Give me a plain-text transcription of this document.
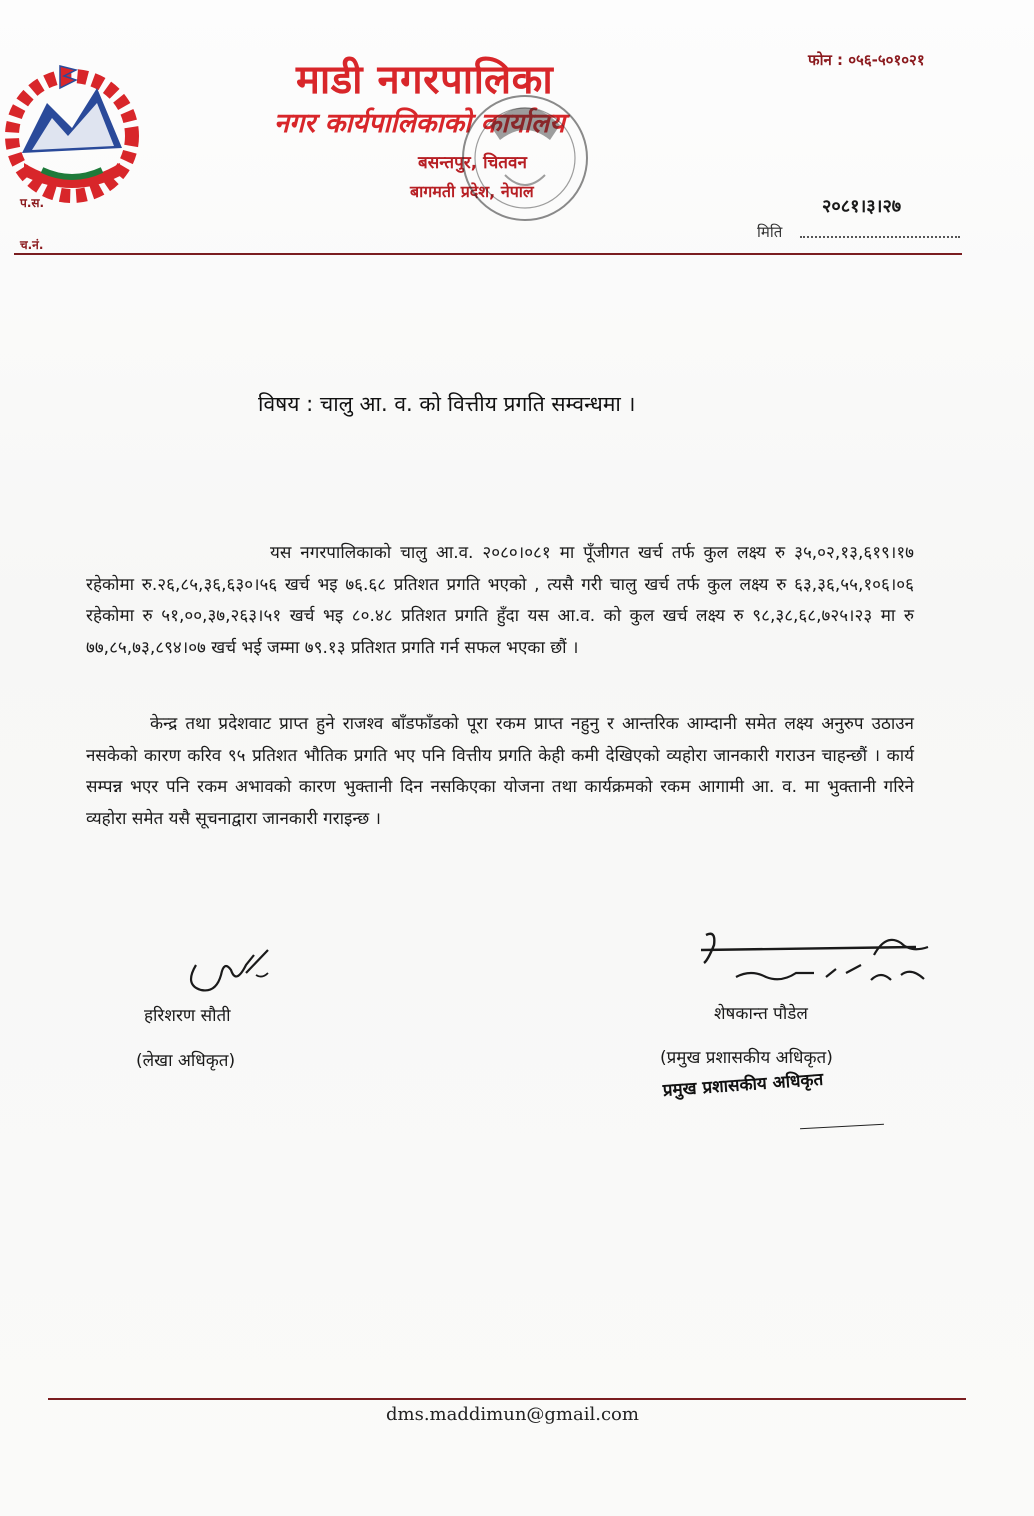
प.स.
च.नं.
माडी नगरपालिका
नगर कार्यपालिकाको कार्यालय
बसन्तपुर, चितवन
बागमती प्रदेश, नेपाल
फोन : ०५६-५०१०२१
२०८१।३।२७
मिति
विषय : चालु आ. व. को वित्तीय प्रगति सम्वन्धमा ।
यस नगरपालिकाको चालु आ.व. २०८०।०८१ मा पूँजीगत खर्च तर्फ कुल लक्ष्य रु ३५,०२,१३,६१९।१७ रहेकोमा रु.२६,८५,३६,६३०।५६ खर्च भइ ७६.६८ प्रतिशत प्रगति भएको , त्यसै गरी चालु खर्च तर्फ कुल लक्ष्य रु ६३,३६,५५,१०६।०६ रहेकोमा रु ५१,००,३७,२६३।५१ खर्च भइ ८०.४८ प्रतिशत प्रगति हुँदा यस आ.व. को कुल खर्च लक्ष्य रु ९८,३८,६८,७२५।२३ मा रु ७७,८५,७३,८९४।०७ खर्च भई जम्मा ७९.१३ प्रतिशत प्रगति गर्न सफल भएका छौं ।
केन्द्र तथा प्रदेशवाट प्राप्त हुने राजश्व बाँडफाँडको पूरा रकम प्राप्त नहुनु र आन्तरिक आम्दानी समेत लक्ष्य अनुरुप उठाउन नसकेको कारण करिव ९५ प्रतिशत भौतिक प्रगति भए पनि वित्तीय प्रगति केही कमी देखिएको व्यहोरा जानकारी गराउन चाहन्छौं । कार्य सम्पन्न भएर पनि रकम अभावको कारण भुक्तानी दिन नसकिएका योजना तथा कार्यक्रमको रकम आगामी आ. व. मा भुक्तानी गरिने व्यहोरा समेत यसै सूचनाद्वारा जानकारी गराइन्छ ।
हरिशरण सौती
(लेखा अधिकृत)
शेषकान्त पौडेल
(प्रमुख प्रशासकीय अधिकृत)
प्रमुख प्रशासकीय अधिकृत
dms.maddimun@gmail.com
